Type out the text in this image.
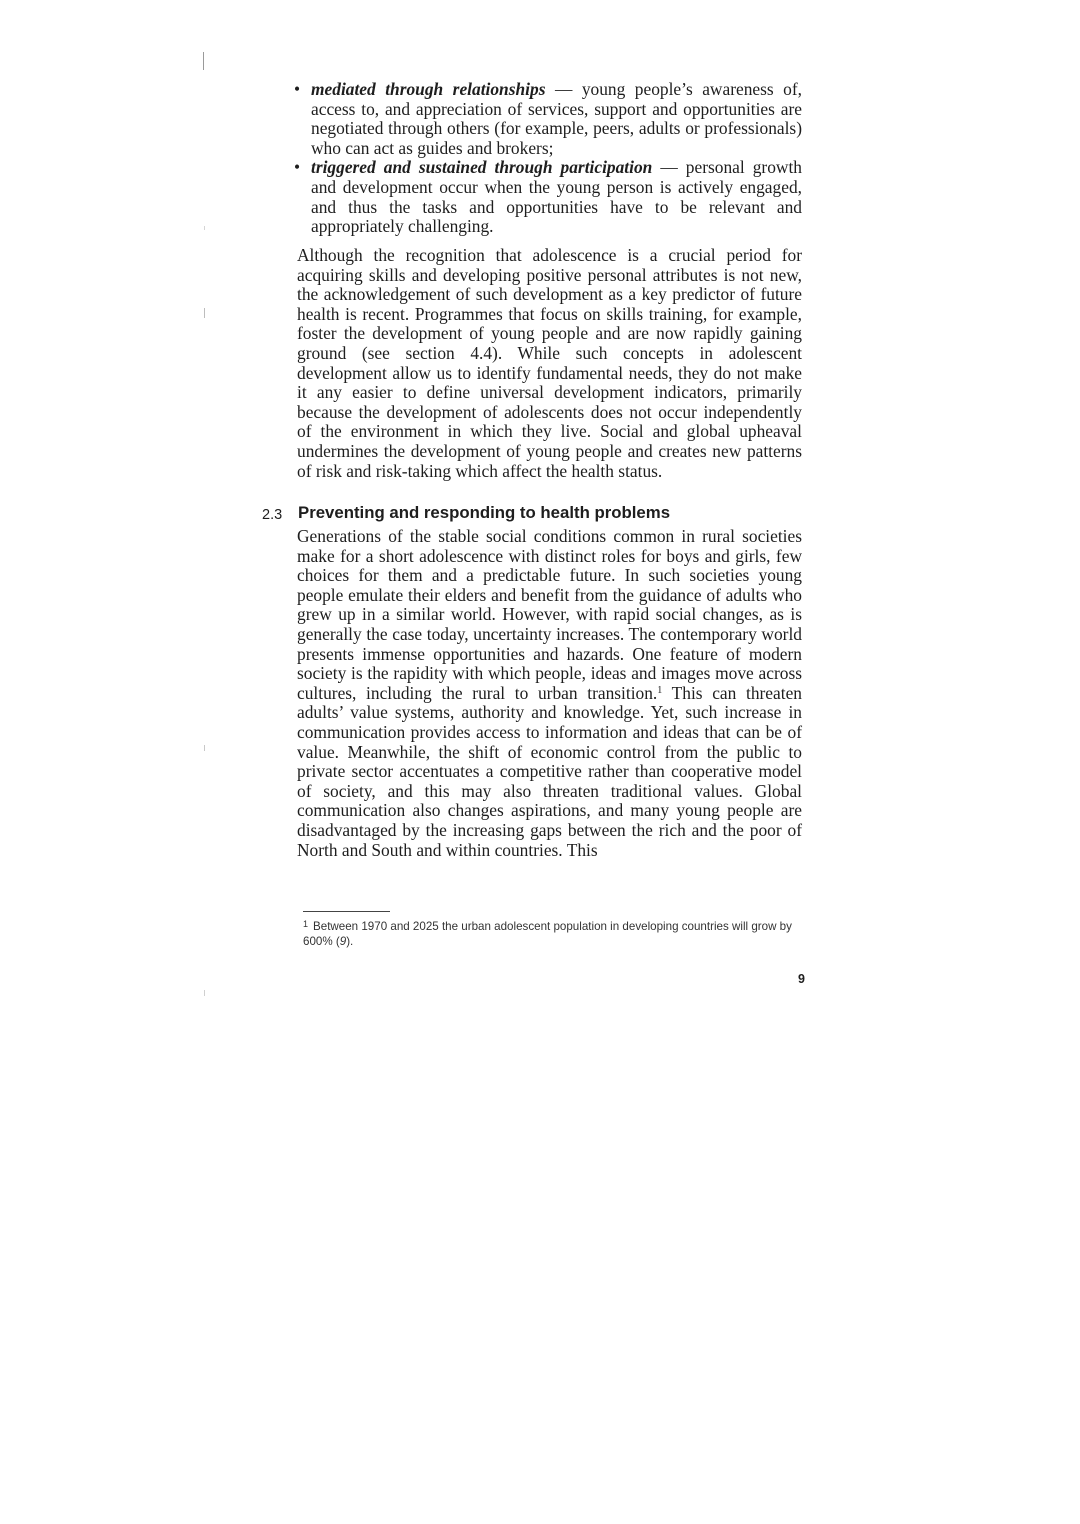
• mediated through relationships — young people’s awareness of, access to, and appreciation of services, support and opportunities are negotiated through others (for example, peers, adults or professionals) who can act as guides and brokers;
• triggered and sustained through participation — personal growth and development occur when the young person is actively engaged, and thus the tasks and opportunities have to be relevant and appropriately challenging.

Although the recognition that adolescence is a crucial period for acquiring skills and developing positive personal attributes is not new, the acknowledgement of such development as a key predictor of future health is recent. Programmes that focus on skills training, for example, foster the development of young people and are now rapidly gaining ground (see section 4.4). While such concepts in adolescent development allow us to identify fundamental needs, they do not make it any easier to define universal development indicators, primarily because the development of adolescents does not occur independently of the environment in which they live. Social and global upheaval undermines the development of young people and creates new patterns of risk and risk-taking which affect the health status.

2.3 Preventing and responding to health problems

Generations of the stable social conditions common in rural societies make for a short adolescence with distinct roles for boys and girls, few choices for them and a predictable future. In such societies young people emulate their elders and benefit from the guidance of adults who grew up in a similar world. However, with rapid social changes, as is generally the case today, uncertainty increases. The contemporary world presents immense opportunities and hazards. One feature of modern society is the rapidity with which people, ideas and images move across cultures, including the rural to urban transition.$^1$ This can threaten adults’ value systems, authority and knowledge. Yet, such increase in communication provides access to information and ideas that can be of value. Meanwhile, the shift of economic control from the public to private sector accentuates a competitive rather than cooperative model of society, and this may also threaten traditional values. Global communication also changes aspirations, and many young people are disadvantaged by the increasing gaps between the rich and the poor of North and South and within countries. This

$^1$ Between 1970 and 2025 the urban adolescent population in developing countries will grow by 600% (9).
9
